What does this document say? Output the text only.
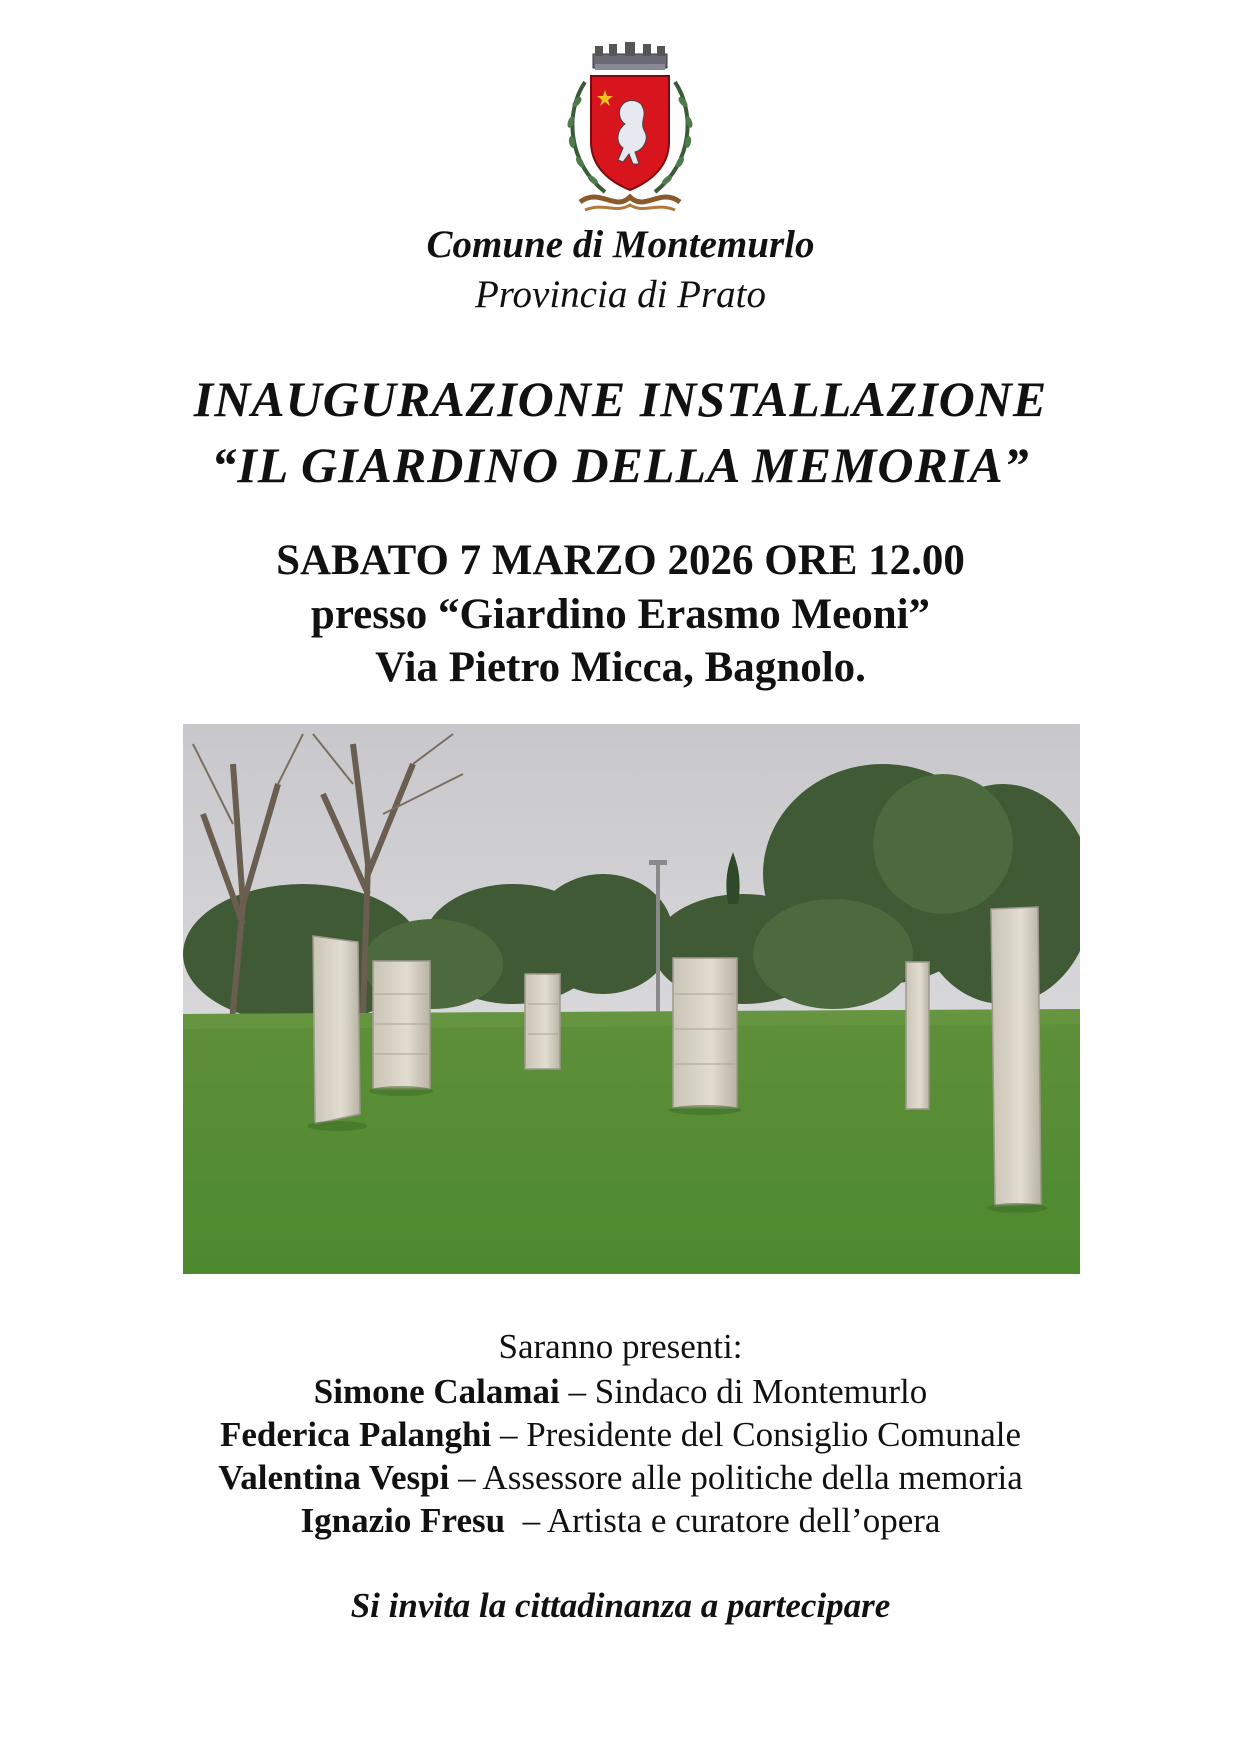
Comune di Montemurlo
Provincia di Prato
INAUGURAZIONE INSTALLAZIONE
“IL GIARDINO DELLA MEMORIA”
SABATO 7 MARZO 2026 ORE 12.00
presso “Giardino Erasmo Meoni”
Via Pietro Micca, Bagnolo.
Saranno presenti:
Simone Calamai – Sindaco di Montemurlo
Federica Palanghi – Presidente del Consiglio Comunale
Valentina Vespi – Assessore alle politiche della memoria
Ignazio Fresu  – Artista e curatore dell’opera
Si invita la cittadinanza a partecipare
